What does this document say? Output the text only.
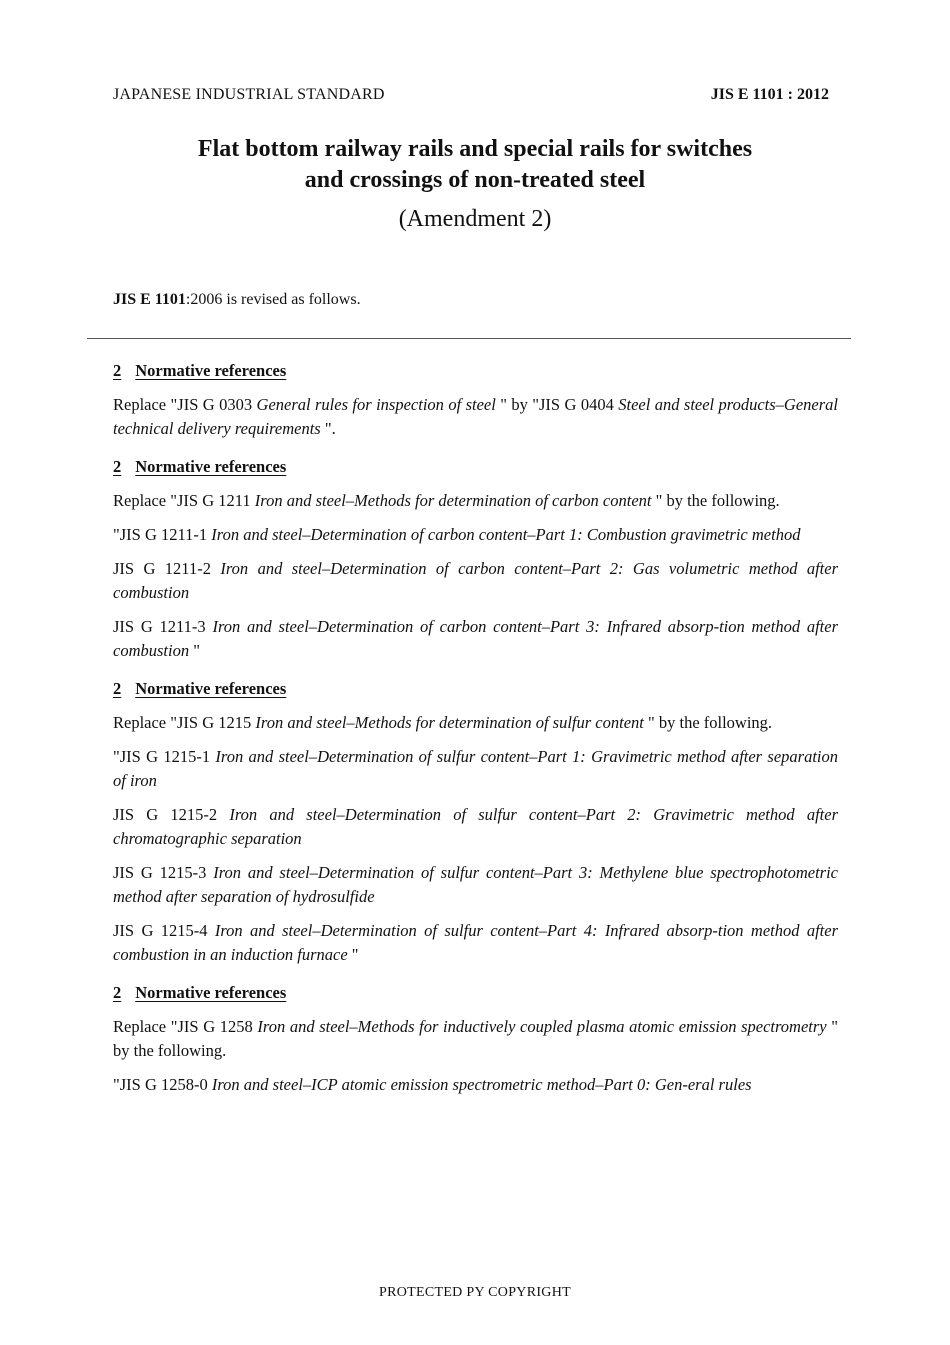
JAPANESE INDUSTRIAL STANDARD	JIS E 1101 : 2012
Flat bottom railway rails and special rails for switches
and crossings of non-treated steel
(Amendment 2)
JIS E 1101:2006 is revised as follows.
2 Normative references

Replace "JIS G 0303 General rules for inspection of steel " by "JIS G 0404 Steel and steel products–General technical delivery requirements ".

2 Normative references

Replace "JIS G 1211 Iron and steel–Methods for determination of carbon content " by the following.

"JIS G 1211-1 Iron and steel–Determination of carbon content–Part 1: Combustion gravimetric method

JIS G 1211-2 Iron and steel–Determination of carbon content–Part 2: Gas volumetric method after combustion

JIS G 1211-3 Iron and steel–Determination of carbon content–Part 3: Infrared absorp-tion method after combustion "

2 Normative references

Replace "JIS G 1215 Iron and steel–Methods for determination of sulfur content " by the following.

"JIS G 1215-1 Iron and steel–Determination of sulfur content–Part 1: Gravimetric method after separation of iron

JIS G 1215-2 Iron and steel–Determination of sulfur content–Part 2: Gravimetric method after chromatographic separation

JIS G 1215-3 Iron and steel–Determination of sulfur content–Part 3: Methylene blue spectrophotometric method after separation of hydrosulfide

JIS G 1215-4 Iron and steel–Determination of sulfur content–Part 4: Infrared absorp-tion method after combustion in an induction furnace "

2 Normative references

Replace "JIS G 1258 Iron and steel–Methods for inductively coupled plasma atomic emission spectrometry " by the following.

"JIS G 1258-0 Iron and steel–ICP atomic emission spectrometric method–Part 0: Gen-eral rules

PROTECTED PY COPYRIGHT
